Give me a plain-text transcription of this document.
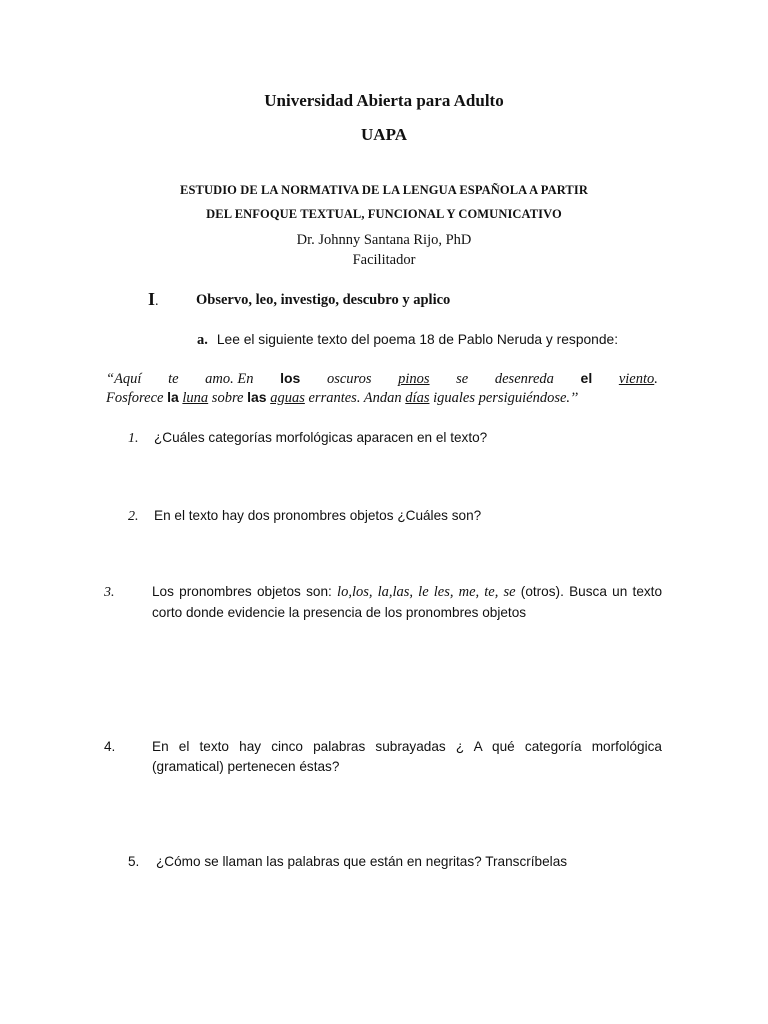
Universidad Abierta para Adulto
UAPA
ESTUDIO DE LA NORMATIVA DE LA LENGUA ESPAÑOLA A PARTIR
DEL ENFOQUE TEXTUAL, FUNCIONAL Y COMUNICATIVO
Dr. Johnny Santana Rijo, PhD
Facilitador
I.	Observo, leo, investigo, descubro y aplico
a. Lee el siguiente texto del poema 18 de Pablo Neruda y responde:
“Aquí te amo. En los oscuros pinos se desenreda el viento.
Fosforece la luna sobre las aguas errantes. Andan días iguales persiguiéndose.’’
1. ¿Cuáles categorías morfológicas aparacen en el texto?
2. En el texto hay dos pronombres objetos ¿Cuáles son?
3.	Los pronombres objetos son: lo,los, la,las, le les, me, te, se (otros). Busca un texto corto donde evidencie la presencia de los pronombres objetos
4.	En el texto hay cinco palabras subrayadas ¿ A qué categoría morfológica (gramatical) pertenecen éstas?
5. ¿Cómo se llaman las palabras que están en negritas? Transcríbelas
